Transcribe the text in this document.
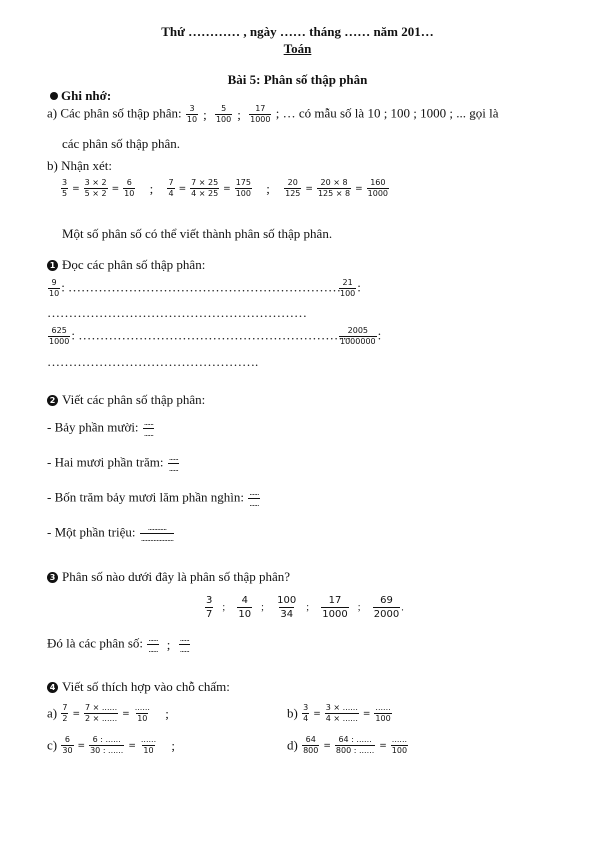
Thứ ………… , ngày …… tháng …… năm 201…
Toán
Bài 5: Phân số thập phân
Ghi nhớ:
a) Các phân số thập phân: $\frac{3}{10}$ ; $\frac{5}{100}$ ; $\frac{17}{1000}$ ; … có mẫu số là 10 ; 100 ; 1000 ; ... gọi là
các phân số thập phân.
b) Nhận xét:
$\frac{3}{5} = \frac{3 \times 2}{5 \times 2} = \frac{6}{10}$ ; $\frac{7}{4} = \frac{7 \times 25}{4 \times 25} = \frac{175}{100}$ ; $\frac{20}{125} = \frac{20 \times 8}{125 \times 8} = \frac{160}{1000}$
Một số phân số có thể viết thành phân số thập phân.
1 Đọc các phân số thập phân:
$\frac{9}{10}$ : ………………………………………………………
$\frac{21}{100}$ :
……………………………………………………
$\frac{625}{1000}$ : ………………………………………………………
$\frac{2005}{1000000}$ :
………………………………………….
2 Viết các phân số thập phân:
- Bảy phần mười: $\frac{......}{......}$
- Hai mươi phần trăm: $\frac{......}{......}$
- Bốn trăm bảy mươi lăm phần nghìn: $\frac{......}{......}$
- Một phần triệu: $\frac{............}{.....................}$
3 Phân số nào dưới đây là phân số thập phân?
$\frac{3}{7}$ ; $\frac{4}{10}$ ; $\frac{100}{34}$ ; $\frac{17}{1000}$ ; $\frac{69}{2000}$ .
Đó là các phân số: $\frac{......}{......}$ ; $\frac{......}{......}$
4 Viết số thích hợp vào chỗ chấm:
$a) \frac{7}{2} = \frac{7 \times ......}{2 \times ......} = \frac{......}{10}$ ;	$b) \frac{3}{4} = \frac{3 \times ......}{4 \times ......} = \frac{......}{100}$
$c) \frac{6}{30} = \frac{6 : ......}{30 : ......} = \frac{......}{10}$ ;	$d) \frac{64}{800} = \frac{64 : ......}{800 : ......} = \frac{......}{100}$
